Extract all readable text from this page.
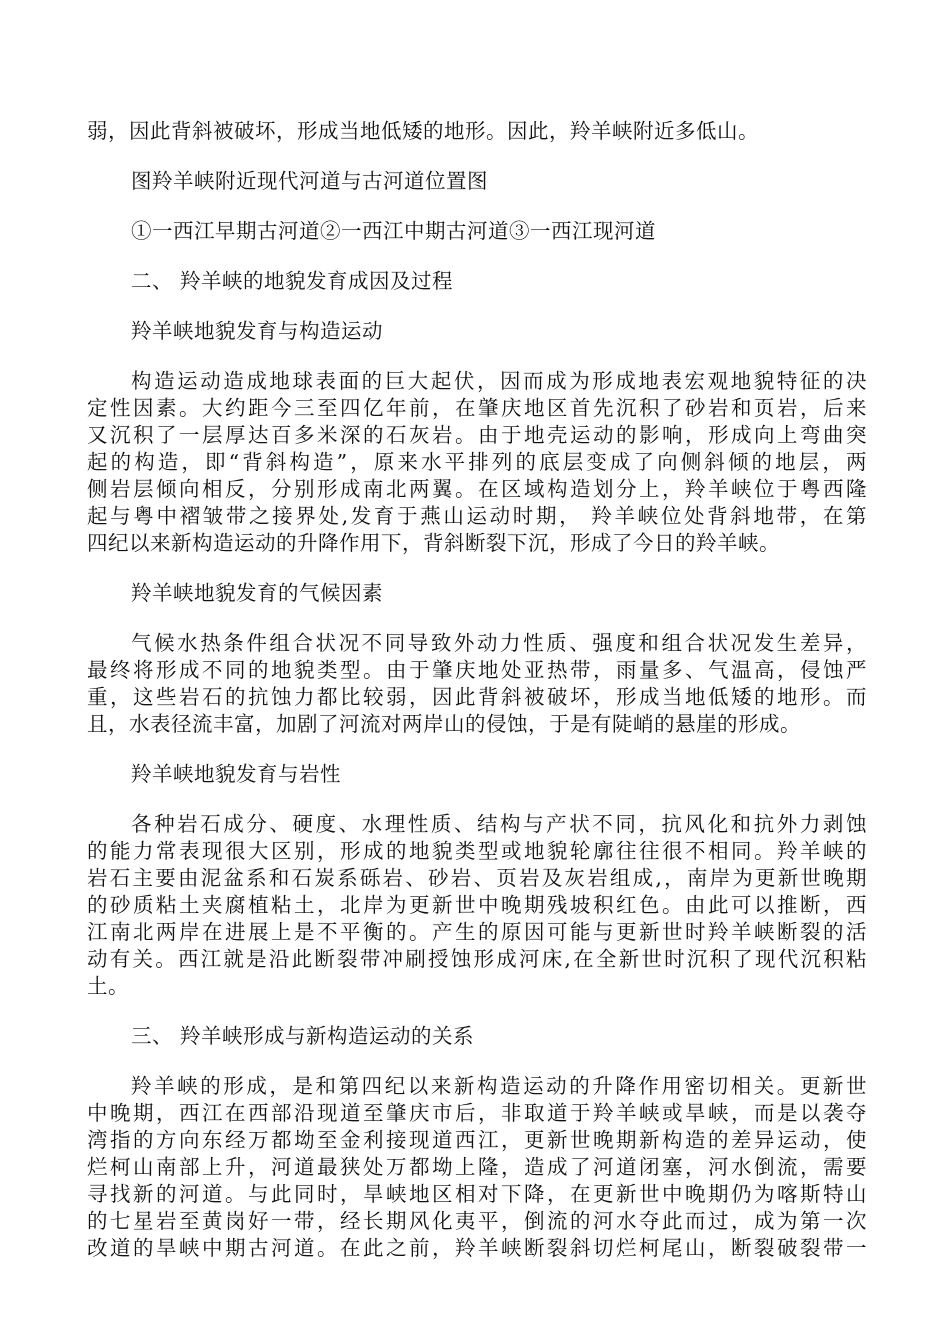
弱，因此背斜被破坏，形成当地低矮的地形。因此，羚羊峡附近多低山。

图羚羊峡附近现代河道与古河道位置图

①一西江早期古河道②一西江中期古河道③一西江现河道

二、 羚羊峡的地貌发育成因及过程

羚羊峡地貌发育与构造运动

构造运动造成地球表面的巨大起伏，因而成为形成地表宏观地貌特征的决
定性因素。大约距今三至四亿年前，在肇庆地区首先沉积了砂岩和页岩，后来
又沉积了一层厚达百多米深的石灰岩。由于地壳运动的影响，形成向上弯曲突
起的构造，即“背斜构造”，原来水平排列的底层变成了向侧斜倾的地层，两
侧岩层倾向相反，分别形成南北两翼。在区域构造划分上，羚羊峡位于粤西隆
起与粤中褶皱带之接界处,发育于燕山运动时期， 羚羊峡位处背斜地带，在第
四纪以来新构造运动的升降作用下，背斜断裂下沉，形成了今日的羚羊峡。

羚羊峡地貌发育的气候因素

气候水热条件组合状况不同导致外动力性质、强度和组合状况发生差异，
最终将形成不同的地貌类型。由于肇庆地处亚热带，雨量多、气温高，侵蚀严
重，这些岩石的抗蚀力都比较弱，因此背斜被破坏，形成当地低矮的地形。而
且，水表径流丰富，加剧了河流对两岸山的侵蚀，于是有陡峭的悬崖的形成。

羚羊峡地貌发育与岩性

各种岩石成分、硬度、水理性质、结构与产状不同，抗风化和抗外力剥蚀
的能力常表现很大区别，形成的地貌类型或地貌轮廓往往很不相同。羚羊峡的
岩石主要由泥盆系和石炭系砾岩、砂岩、页岩及灰岩组成,，南岸为更新世晚期
的砂质粘土夹腐植粘土，北岸为更新世中晚期残坡积红色。由此可以推断，西
江南北两岸在进展上是不平衡的。产生的原因可能与更新世时羚羊峡断裂的活
动有关。西江就是沿此断裂带冲刷授蚀形成河床,在全新世时沉积了现代沉积粘
土。

三、 羚羊峡形成与新构造运动的关系

羚羊峡的形成，是和第四纪以来新构造运动的升降作用密切相关。更新世
中晚期，西江在西部沿现道至肇庆市后，非取道于羚羊峡或旱峡，而是以袭夺
湾指的方向东经万都坳至金利接现道西江，更新世晚期新构造的差异运动，使
烂柯山南部上升，河道最狭处万都坳上隆，造成了河道闭塞，河水倒流，需要
寻找新的河道。与此同时，旱峡地区相对下降，在更新世中晚期仍为喀斯特山
的七星岩至黄岗好一带，经长期风化夷平，倒流的河水夺此而过，成为第一次
改道的旱峡中期古河道。在此之前，羚羊峡断裂斜切烂柯尾山，断裂破裂带一
